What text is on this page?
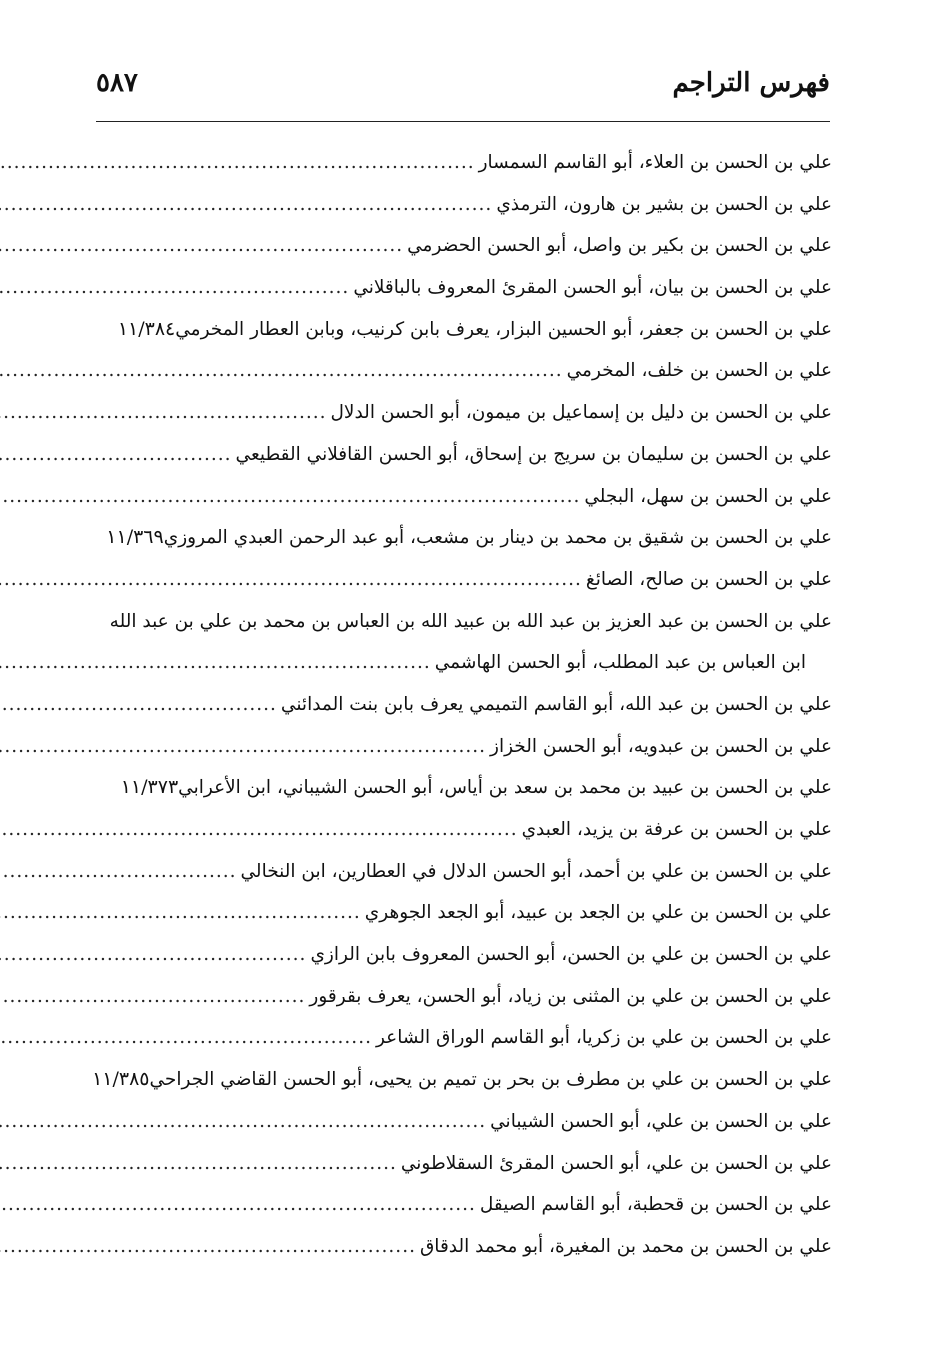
فهرس التراجم
٥٨٧
علي بن الحسن بن العلاء، أبو القاسم السمسار
.....
علي بن الحسن بن بشير بن هارون، الترمذي
.....
علي بن الحسن بن بكير بن واصل، أبو الحسن الحضرمي
.....
علي بن الحسن بن بيان، أبو الحسن المقرئ المعروف بالباقلاني
.....
علي بن الحسن بن جعفر، أبو الحسين البزار، يعرف بابن كرنيب، وبابن العطار المخرمي
١١/٣٨٤
علي بن الحسن بن خلف، المخرمي
.....
علي بن الحسن بن دليل بن إسماعيل بن ميمون، أبو الحسن الدلال
.....
علي بن الحسن بن سليمان بن سريج بن إسحاق، أبو الحسن القافلاني القطيعي
.....
علي بن الحسن بن سهل، البجلي
.....
علي بن الحسن بن شقيق بن محمد بن دينار بن مشعب، أبو عبد الرحمن العبدي المروزي
١١/٣٦٩
علي بن الحسن بن صالح، الصائغ
.....
علي بن الحسن بن عبد العزيز بن عبد الله بن عبيد الله بن العباس بن محمد بن علي بن عبد الله
ابن العباس بن عبد المطلب، أبو الحسن الهاشمي
.....
علي بن الحسن بن عبد الله، أبو القاسم التميمي يعرف بابن بنت المدائني
.....
علي بن الحسن بن عبدويه، أبو الحسن الخزاز
.....
علي بن الحسن بن عبيد بن محمد بن سعد بن أياس، أبو الحسن الشيباني، ابن الأعرابي
١١/٣٧٣
علي بن الحسن بن عرفة بن يزيد، العبدي
.....
علي بن الحسن بن علي بن أحمد، أبو الحسن الدلال في العطارين، ابن النخالي
.....
علي بن الحسن بن علي بن الجعد بن عبيد، أبو الجعد الجوهري
.....
علي بن الحسن بن علي بن الحسن، أبو الحسن المعروف بابن الرازي
.....
علي بن الحسن بن علي بن المثنى بن زياد، أبو الحسن، يعرف بقرقور
.....
علي بن الحسن بن علي بن زكريا، أبو القاسم الوراق الشاعر
.....
علي بن الحسن بن علي بن مطرف بن بحر بن تميم بن يحيى، أبو الحسن القاضي الجراحي
١١/٣٨٥
علي بن الحسن بن علي، أبو الحسن الشيباني
.....
علي بن الحسن بن علي، أبو الحسن المقرئ السقلاطوني
.....
علي بن الحسن بن قحطبة، أبو القاسم الصيقل
.....
علي بن الحسن بن محمد بن المغيرة، أبو محمد الدقاق
.....
